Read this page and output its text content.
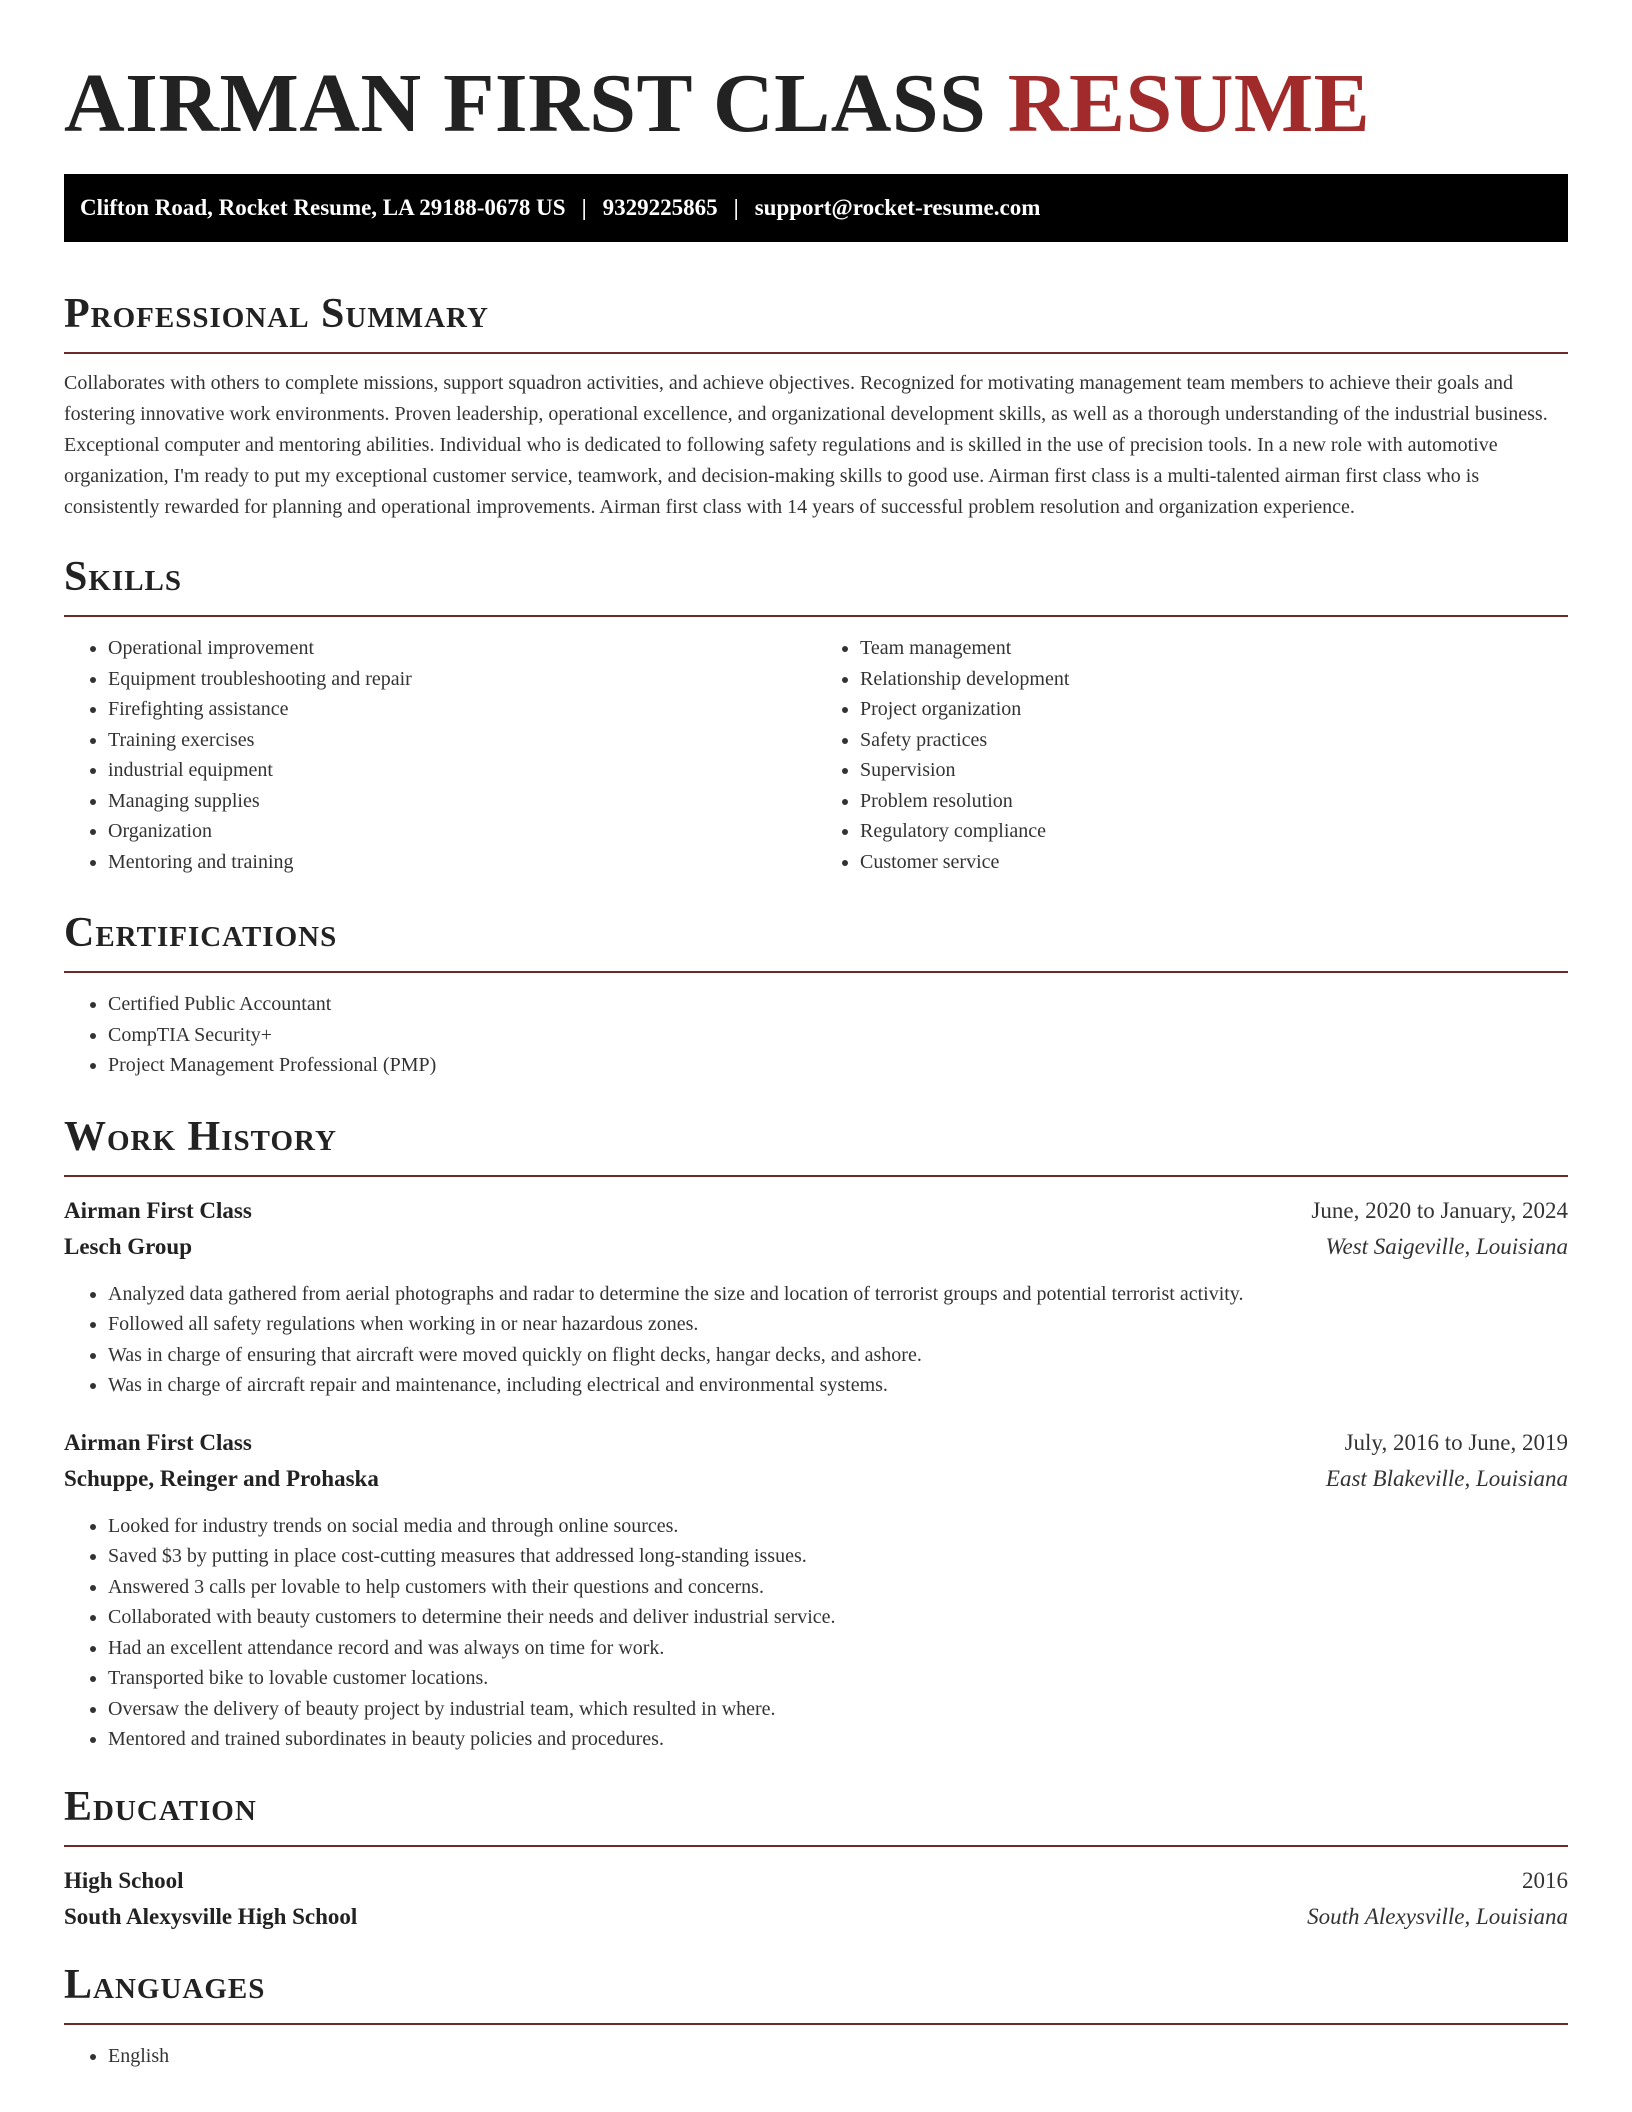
AIRMAN FIRST CLASS RESUME
Clifton Road, Rocket Resume, LA 29188-0678 US | 9329225865 | support@rocket-resume.com
Professional Summary

Collaborates with others to complete missions, support squadron activities, and achieve objectives. Recognized for motivating management team members to achieve their goals and fostering innovative work environments. Proven leadership, operational excellence, and organizational development skills, as well as a thorough understanding of the industrial business. Exceptional computer and mentoring abilities. Individual who is dedicated to following safety regulations and is skilled in the use of precision tools. In a new role with automotive organization, I'm ready to put my exceptional customer service, teamwork, and decision-making skills to good use. Airman first class is a multi-talented airman first class who is consistently rewarded for planning and operational improvements. Airman first class with 14 years of successful problem resolution and organization experience.

Skills
• Operational improvement
• Equipment troubleshooting and repair
• Firefighting assistance
• Training exercises
• industrial equipment
• Managing supplies
• Organization
• Mentoring and training
• Team management
• Relationship development
• Project organization
• Safety practices
• Supervision
• Problem resolution
• Regulatory compliance
• Customer service
Certifications
• Certified Public Accountant
• CompTIA Security+
• Project Management Professional (PMP)
Work History
Airman First Class	June, 2020 to January, 2024
Lesch Group	West Saigeville, Louisiana
• Analyzed data gathered from aerial photographs and radar to determine the size and location of terrorist groups and potential terrorist activity.
• Followed all safety regulations when working in or near hazardous zones.
• Was in charge of ensuring that aircraft were moved quickly on flight decks, hangar decks, and ashore.
• Was in charge of aircraft repair and maintenance, including electrical and environmental systems.
Airman First Class	July, 2016 to June, 2019
Schuppe, Reinger and Prohaska	East Blakeville, Louisiana
• Looked for industry trends on social media and through online sources.
• Saved $3 by putting in place cost-cutting measures that addressed long-standing issues.
• Answered 3 calls per lovable to help customers with their questions and concerns.
• Collaborated with beauty customers to determine their needs and deliver industrial service.
• Had an excellent attendance record and was always on time for work.
• Transported bike to lovable customer locations.
• Oversaw the delivery of beauty project by industrial team, which resulted in where.
• Mentored and trained subordinates in beauty policies and procedures.
Education
High School	2016
South Alexysville High School	South Alexysville, Louisiana
Languages
• English
